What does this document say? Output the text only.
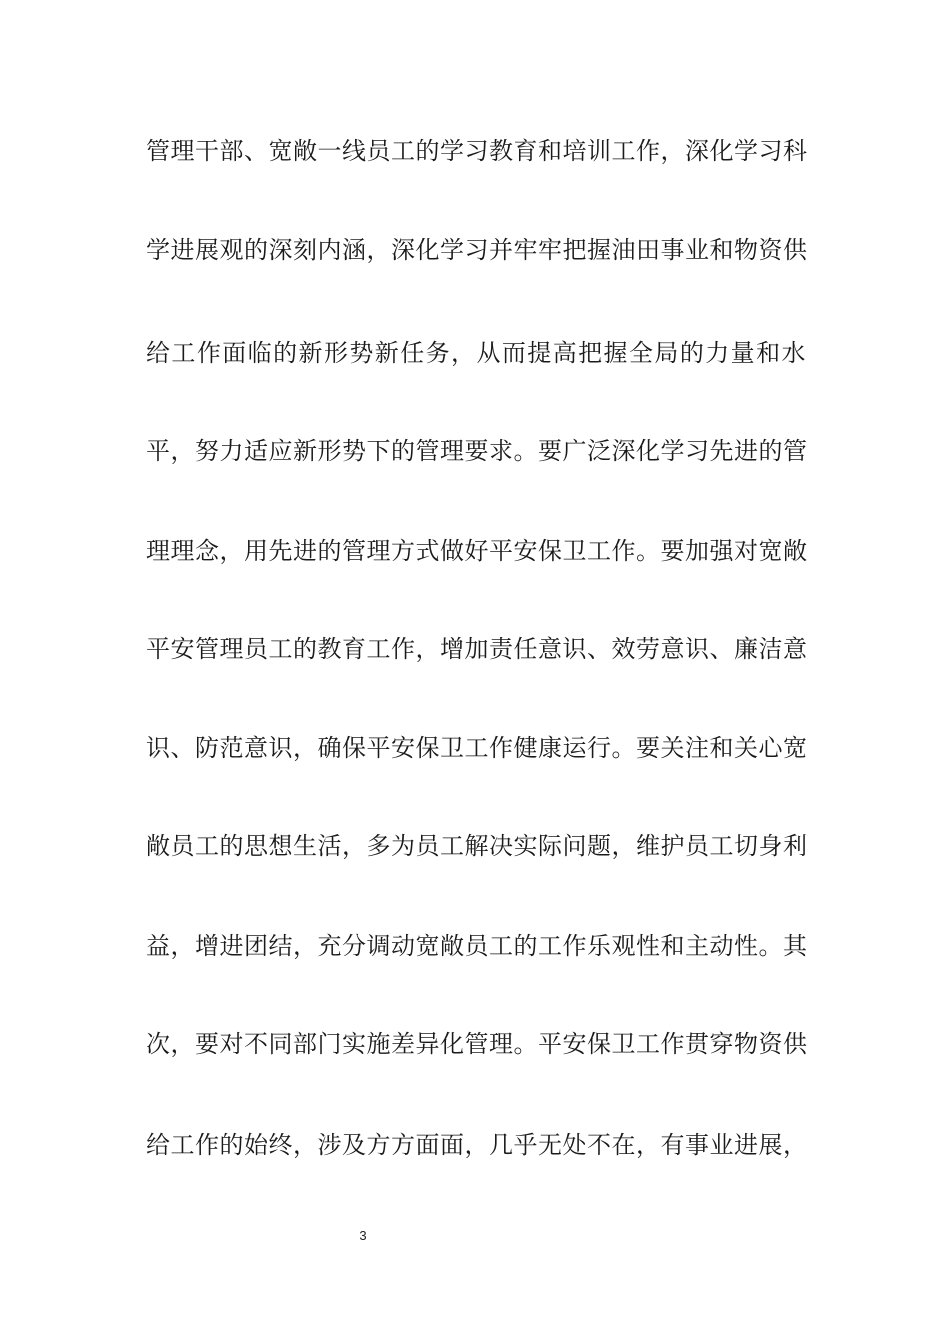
管理干部、宽敞一线员工的学习教育和培训工作，深化学习科
学进展观的深刻内涵，深化学习并牢牢把握油田事业和物资供
给工作面临的新形势新任务，从而提高把握全局的力量和水
平，努力适应新形势下的管理要求。要广泛深化学习先进的管
理理念，用先进的管理方式做好平安保卫工作。要加强对宽敞
平安管理员工的教育工作，增加责任意识、效劳意识、廉洁意
识、防范意识，确保平安保卫工作健康运行。要关注和关心宽
敞员工的思想生活，多为员工解决实际问题，维护员工切身利
益，增进团结，充分调动宽敞员工的工作乐观性和主动性。其
次，要对不同部门实施差异化管理。平安保卫工作贯穿物资供
给工作的始终，涉及方方面面，几乎无处不在，有事业进展，
3
